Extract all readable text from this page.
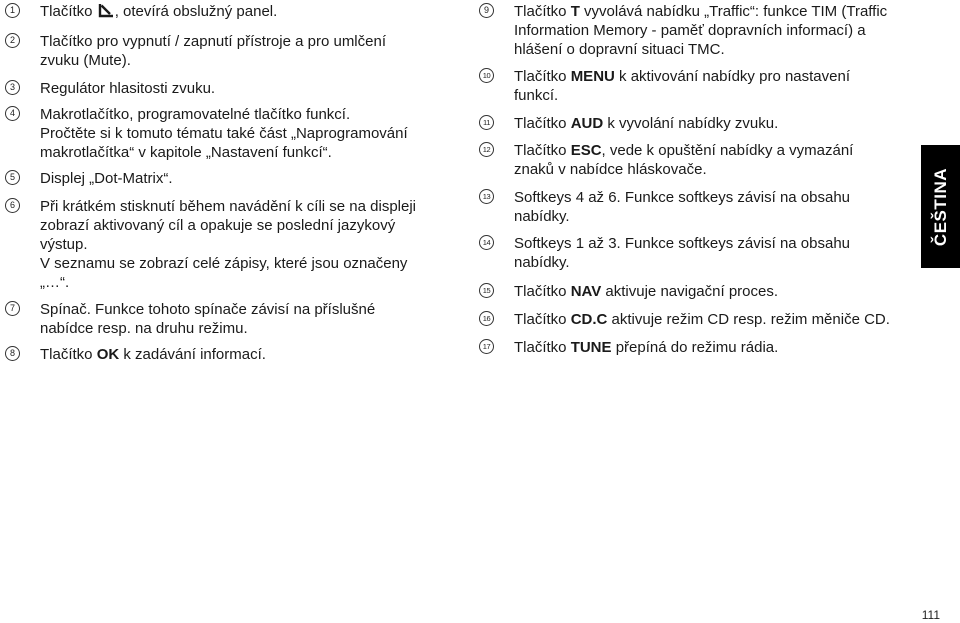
1	Tlačítko , otevírá obslužný panel.
2	Tlačítko pro vypnutí / zapnutí přístroje a pro umlčení
zvuku (Mute).
3	Regulátor hlasitosti zvuku.
4	Makrotlačítko, programovatelné tlačítko funkcí.
Pročtěte si k tomuto tématu také část „Naprogramování
makrotlačítka“ v kapitole „Nastavení funkcí“.
5	Displej „Dot-Matrix“.
6	Při krátkém stisknutí během navádění k cíli se na displeji
zobrazí aktivovaný cíl a opakuje se poslední jazykový
výstup.
V seznamu se zobrazí celé zápisy, které jsou označeny
„…“.
7	Spínač. Funkce tohoto spínače závisí na příslušné
nabídce resp. na druhu režimu.
8	Tlačítko OK k zadávání informací.
9	Tlačítko T vyvolává nabídku „Traffic“: funkce TIM (Traffic
Information Memory - paměť dopravních informací) a
hlášení o dopravní situaci TMC.
10 Tlačítko MENU k aktivování nabídky pro nastavení
funkcí.
11 Tlačítko AUD k vyvolání nabídky zvuku.
12 Tlačítko ESC, vede k opuštění nabídky a vymazání
znaků v nabídce hláskovače.
13 Softkeys 4 až 6. Funkce softkeys závisí na obsahu
nabídky.
14 Softkeys 1 až 3. Funkce softkeys závisí na obsahu
nabídky.
15 Tlačítko NAV aktivuje navigační proces.
16 Tlačítko CD.C aktivuje režim CD resp. režim měniče CD.
17 Tlačítko TUNE přepíná do režimu rádia.
ČEŠTINA
111
